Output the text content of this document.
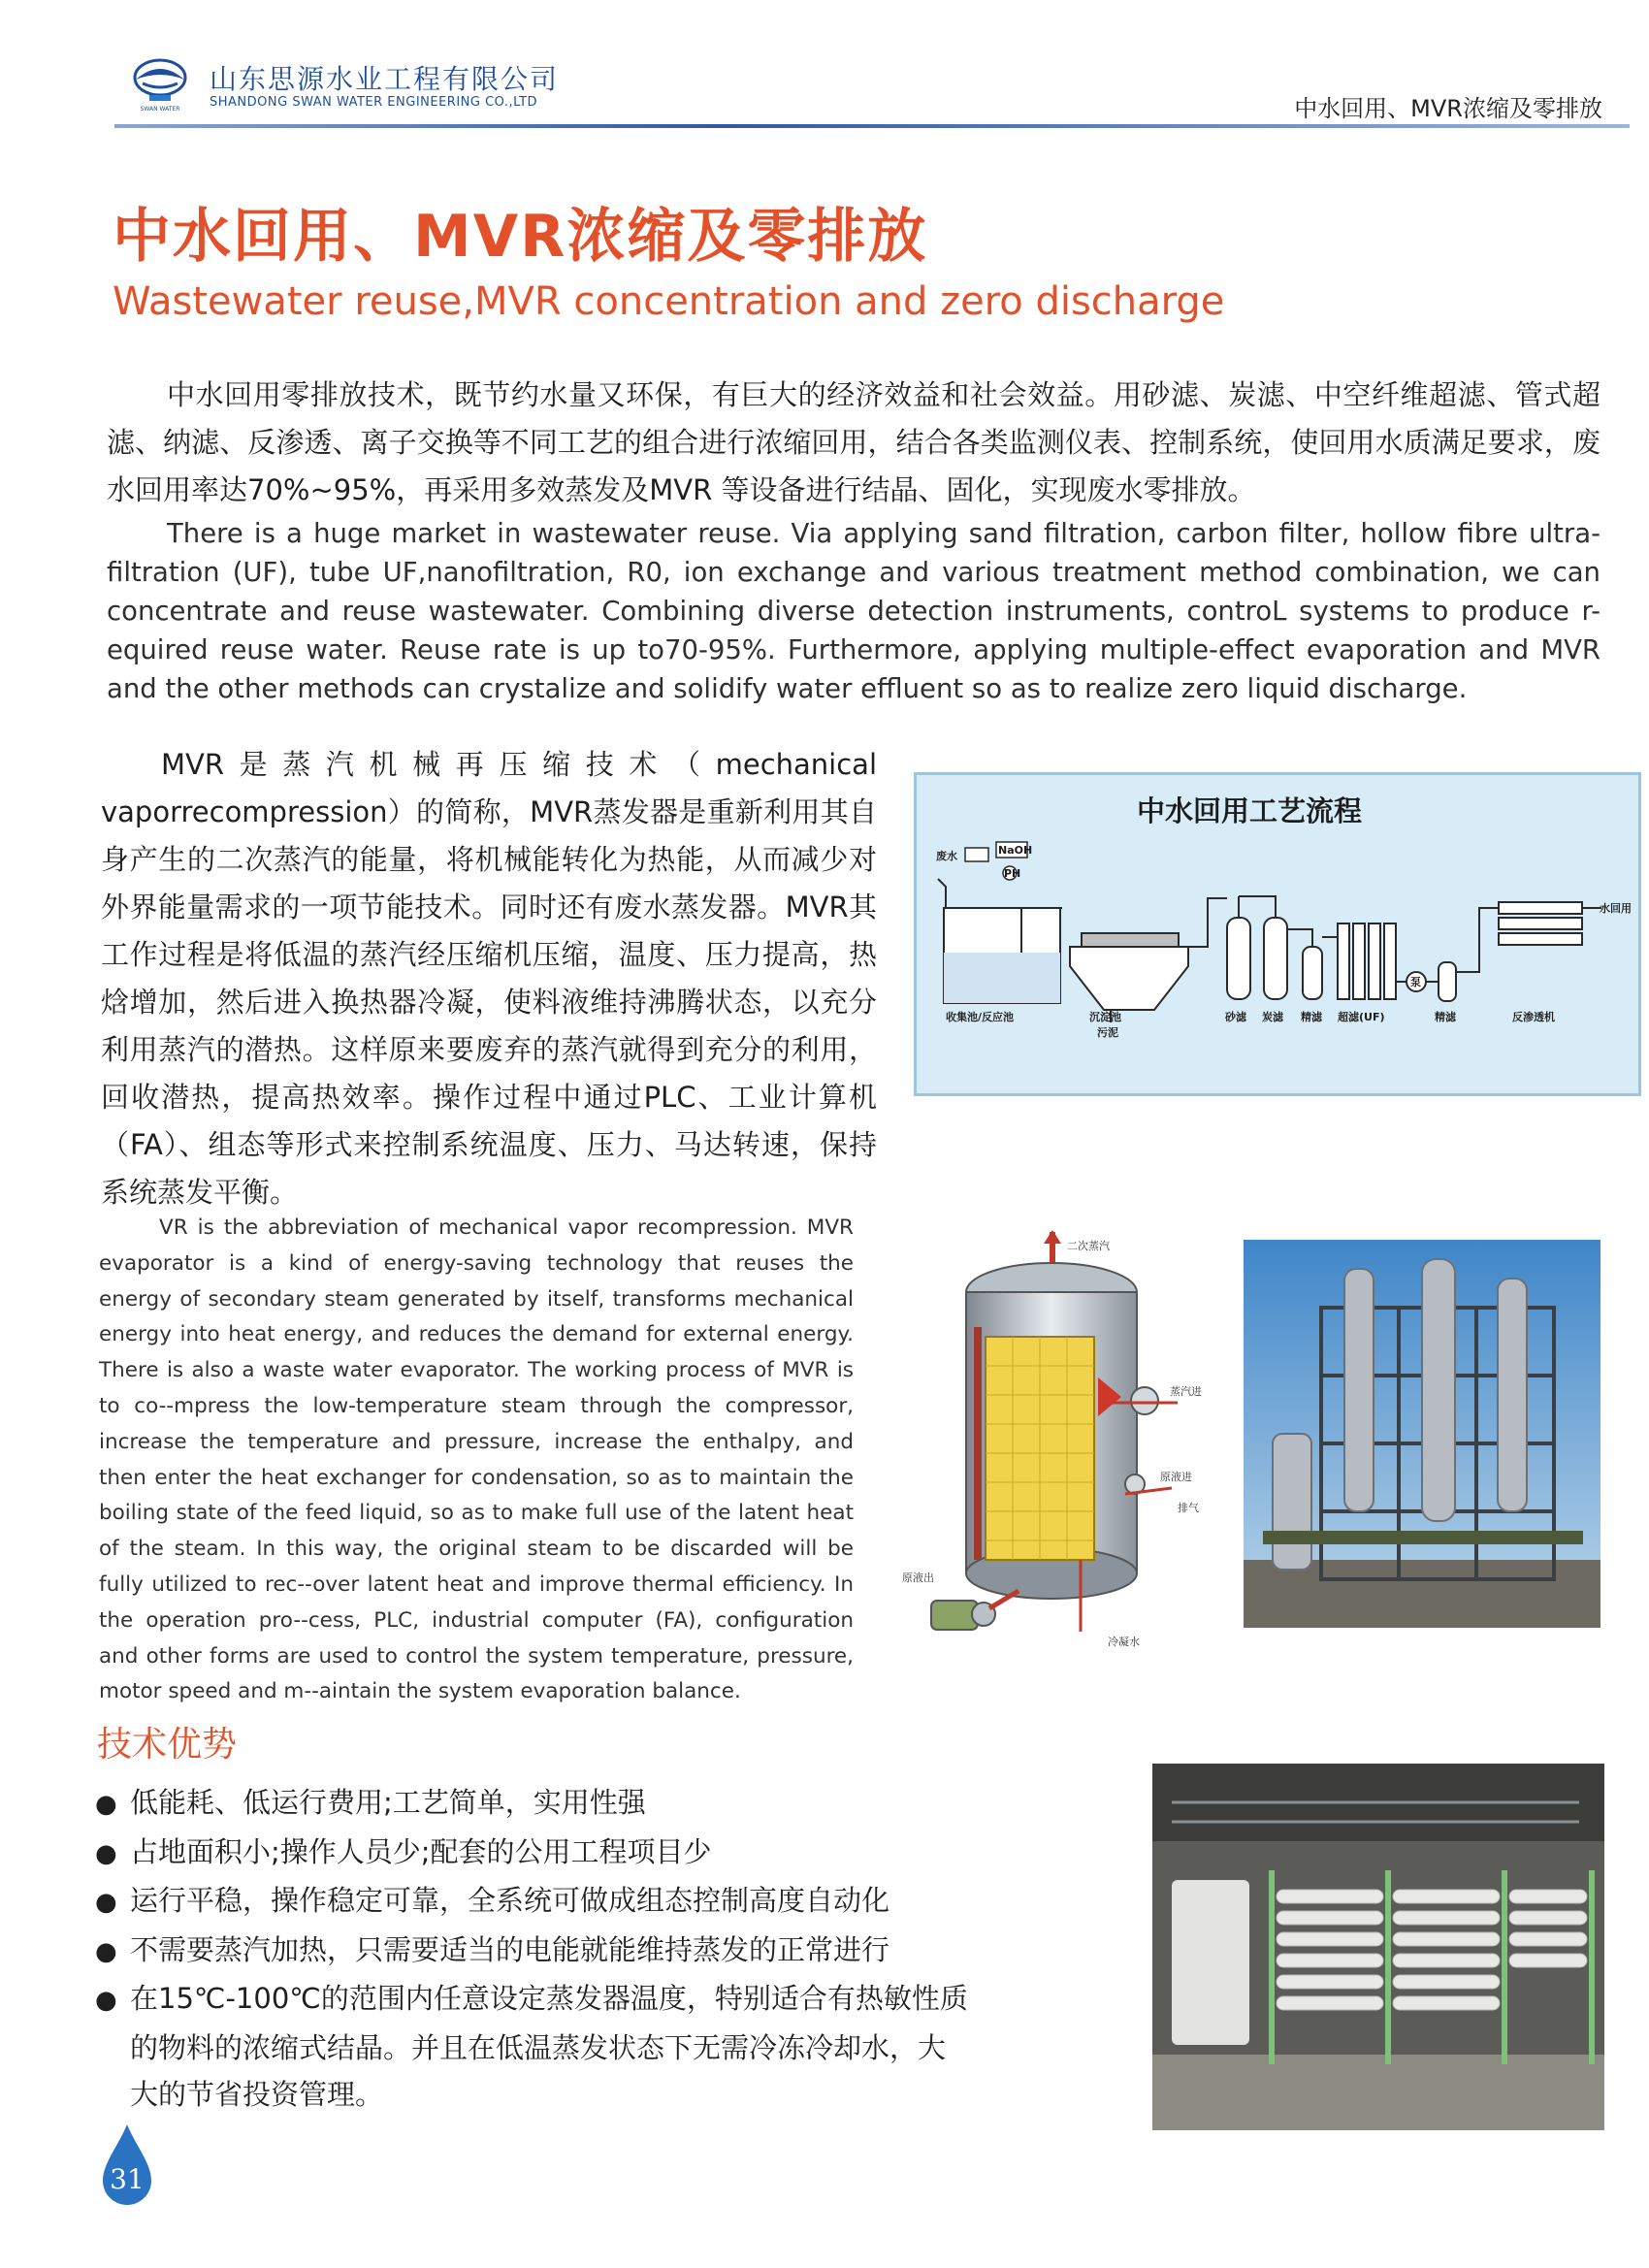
SWAN WATER
山东思源水业工程有限公司
SHANDONG SWAN WATER ENGINEERING CO.,LTD	中水回用、MVR浓缩及零排放
中水回用、MVR浓缩及零排放
Wastewater reuse,MVR concentration and zero discharge
中水回用零排放技术，既节约水量又环保，有巨大的经济效益和社会效益。用砂滤、炭滤、中空纤维超滤、管式超滤、纳滤、反渗透、离子交换等不同工艺的组合进行浓缩回用，结合各类监测仪表、控制系统，使回用水质满足要求，废水回用率达70%~95%，再采用多效蒸发及MVR 等设备进行结晶、固化，实现废水零排放。
There is a huge market in wastewater reuse. Via applying sand filtration, carbon filter, hollow fibre ultra-filtration (UF), tube UF,nanofiltration, R0, ion exchange and various treatment method combination, we can concentrate and reuse wastewater. Combining diverse detection instruments, controL systems to produce r-equired reuse water. Reuse rate is up to70-95%. Furthermore, applying multiple-effect evaporation and MVR and the other methods can crystalize and solidify water effluent so as to realize zero liquid discharge.
MVR是蒸汽机械再压缩技术（mechanical vaporrecompression）的简称，MVR蒸发器是重新利用其自身产生的二次蒸汽的能量，将机械能转化为热能，从而减少对外界能量需求的一项节能技术。同时还有废水蒸发器。MVR其工作过程是将低温的蒸汽经压缩机压缩，温度、压力提高，热焓增加，然后进入换热器冷凝，使料液维持沸腾状态，以充分利用蒸汽的潜热。这样原来要废弃的蒸汽就得到充分的利用，回收潜热，提高热效率。操作过程中通过PLC、工业计算机（FA）、组态等形式来控制系统温度、压力、马达转速，保持系统蒸发平衡。
VR is the abbreviation of mechanical vapor recompression. MVR evaporator is a kind of energy-saving technology that reuses the energy of secondary steam generated by itself, transforms mechanical energy into heat energy, and reduces the demand for external energy. There is also a waste water evaporator. The working process of MVR is to co--mpress the low-temperature steam through the compressor, increase the temperature and pressure, increase the enthalpy, and then enter the heat exchanger for condensation, so as to maintain the boiling state of the feed liquid, so as to make full use of the latent heat of the steam. In this way, the original steam to be discarded will be fully utilized to rec--over latent heat and improve thermal efficiency. In the operation pro--cess, PLC, industrial computer (FA), configuration and other forms are used to control the system temperature, pressure, motor speed and m--aintain the system evaporation balance.
技术优势
● 低能耗、低运行费用;工艺简单，实用性强
● 占地面积小;操作人员少;配套的公用工程项目少
● 运行平稳，操作稳定可靠，全系统可做成组态控制高度自动化
● 不需要蒸汽加热，只需要适当的电能就能维持蒸发的正常进行
● 在15℃-100℃的范围内任意设定蒸发器温度，特别适合有热敏性质的物料的浓缩式结晶。并且在低温蒸发状态下无需冷冻冷却水，大大的节省投资管理。
中水回用工艺流程
废水	NaOH
PH
收集池/反应池	沉淀池
污泥
砂滤 炭滤 精滤 超滤(UF)
泵
精滤	反渗透机
水回用
二次蒸汽
蒸汽进
原液进
排气
原液出
冷凝水
31
